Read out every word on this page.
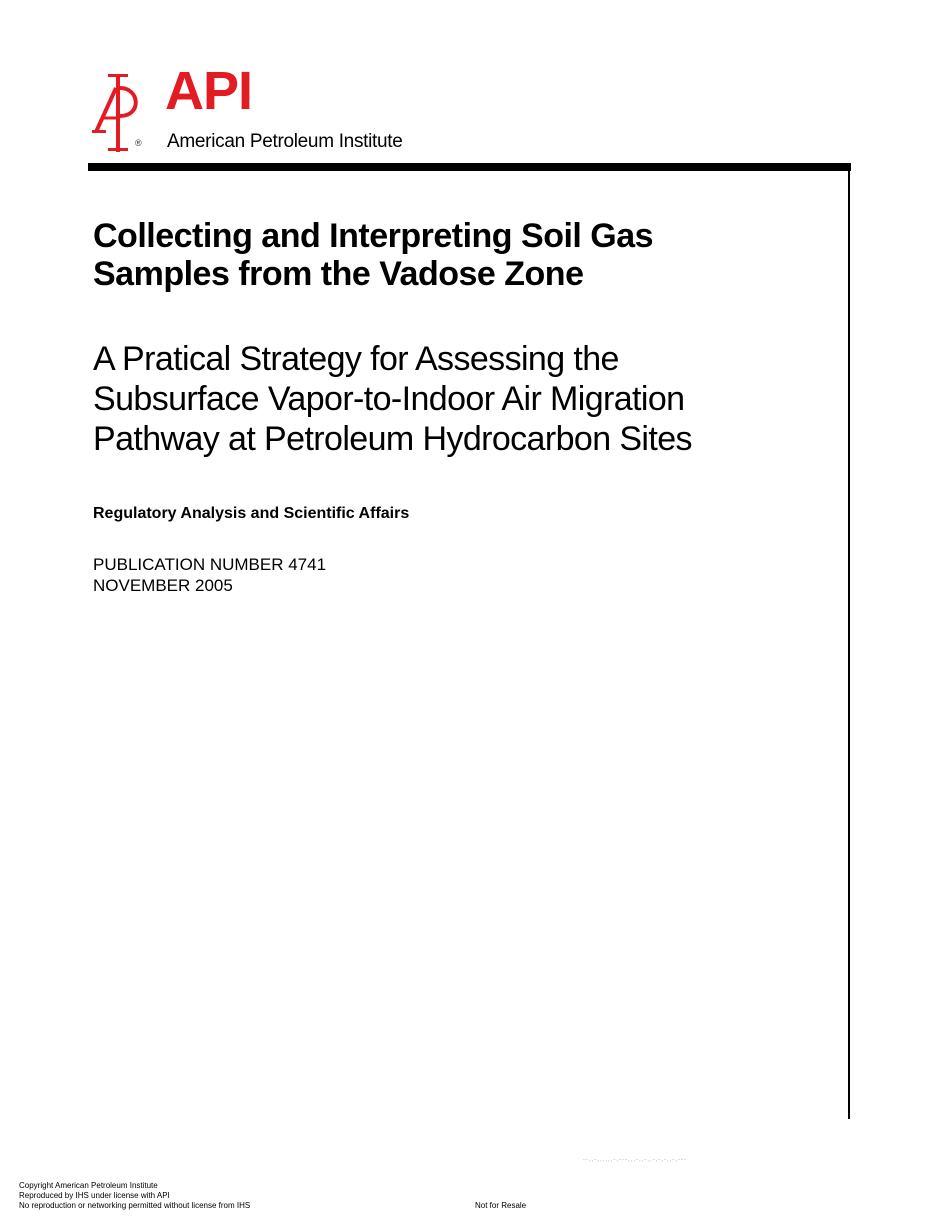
®
API
American Petroleum Institute
Collecting and Interpreting Soil Gas
Samples from the Vadose Zone
A Pratical Strategy for Assessing the
Subsurface Vapor-to-Indoor Air Migration
Pathway at Petroleum Hydrocarbon Sites
Regulatory Analysis and Scientific Affairs
PUBLICATION NUMBER 4741
NOVEMBER 2005
--,,-,,,,,,-,---,,,-,,-,,-,-,-,,-,---
Copyright American Petroleum Institute
Reproduced by IHS under license with API
No reproduction or networking permitted without license from IHS	Not for Resale
